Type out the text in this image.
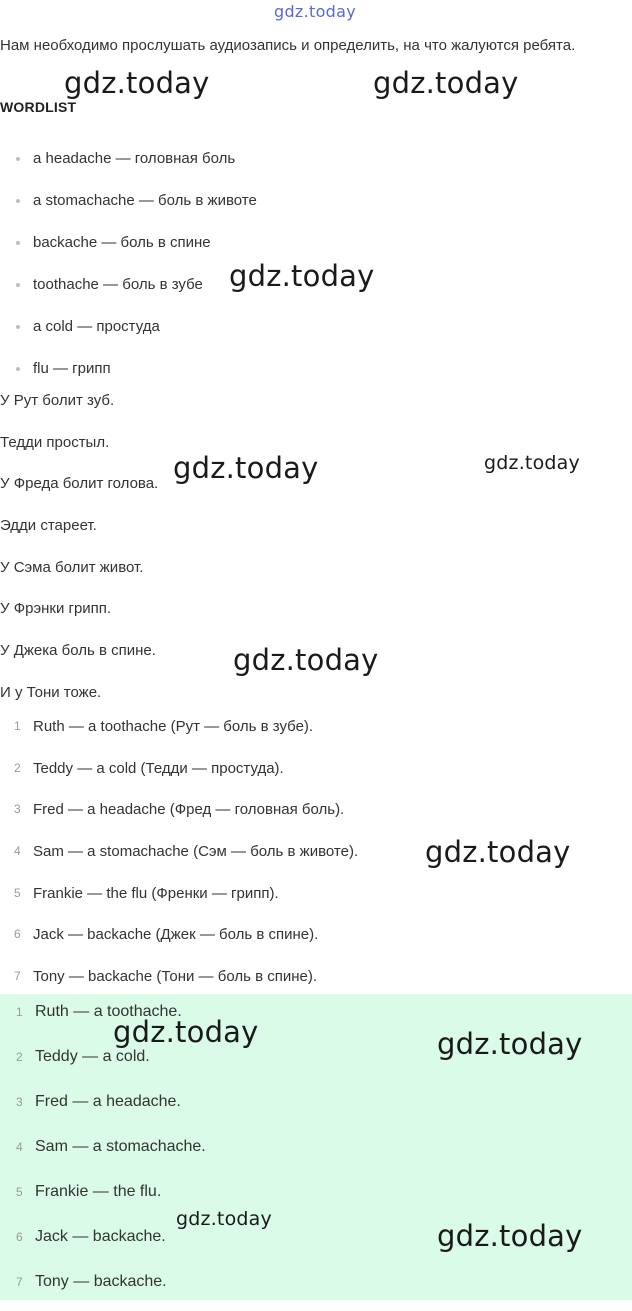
gdz.today
Нам необходимо прослушать аудиозапись и определить, на что жалуются ребята.
WORDLIST
a headache — головная боль
a stomachache — боль в животе
backache — боль в спине
toothache — боль в зубе
a cold — простуда
flu — грипп
У Рут болит зуб.
Тедди простыл.
У Фреда болит голова.
Эдди стареет.
У Сэма болит живот.
У Фрэнки грипп.
У Джека боль в спине.
И у Тони тоже.
1 Ruth — a toothache (Рут — боль в зубе).
2 Teddy — a cold (Тедди — простуда).
3 Fred — a headache (Фред — головная боль).
4 Sam — a stomachache (Сэм — боль в животе).
5 Frankie — the flu (Френки — грипп).
6 Jack — backache (Джек — боль в спине).
7 Tony — backache (Тони — боль в спине).
1 Ruth — a toothache.
2 Teddy — a cold.
3 Fred — a headache.
4 Sam — a stomachache.
5 Frankie — the flu.
6 Jack — backache.
7 Tony — backache.
gdz.today	gdz.today
gdz.today
gdz.today	gdz.today
gdz.today
gdz.today
gdz.today	gdz.today
gdz.today	gdz.today
